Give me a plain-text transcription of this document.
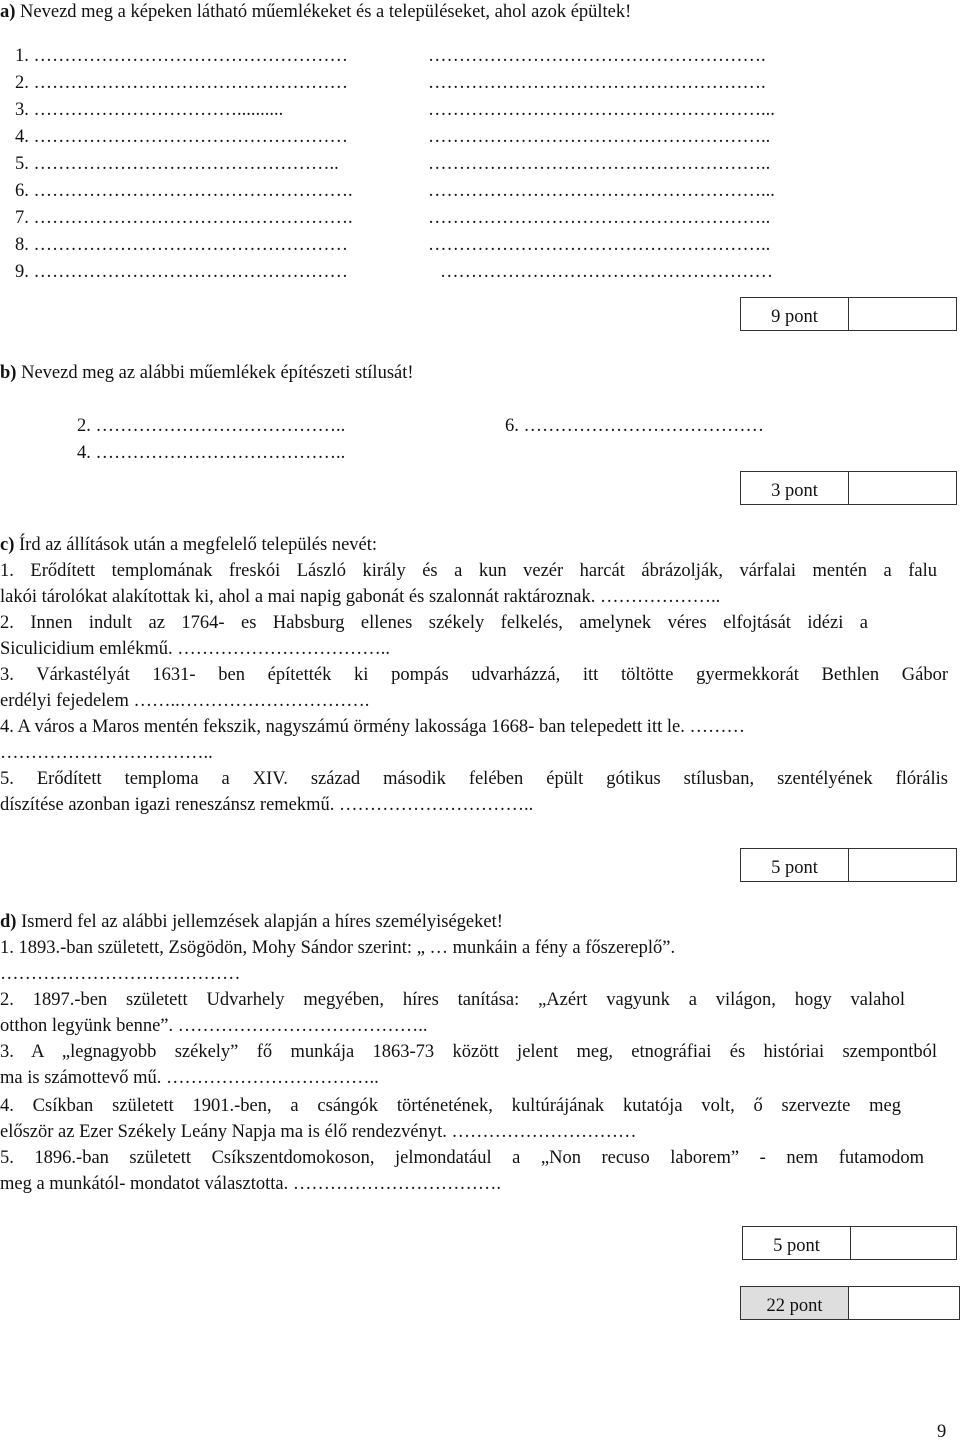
a) Nevezd meg a képeken látható műemlékeket és a településeket, ahol azok épültek!
1. ……………………………………………	……………………………………………….
2. ……………………………………………	……………………………………………….
3. ……………………………..........	………………………………………………...
4. ……………………………………………	………………………………………………..
5. …………………………………………..	………………………………………………..
6. …………………………………………….	………………………………………………...
7. …………………………………………….	………………………………………………..
8. ……………………………………………	………………………………………………..
9. ……………………………………………	………………………………………………
9 pont
b) Nevezd meg az alábbi műemlékek építészeti stílusát!
2. …………………………………..	6. …………………………………
4. …………………………………..
3 pont
c) Írd az állítások után a megfelelő település nevét:
1. Erődített templomának freskói László király és a kun vezér harcát ábrázolják, várfalai mentén a falu
lakói tárolókat alakítottak ki, ahol a mai napig gabonát és szalonnát raktároznak. ………………..
2. Innen indult az 1764- es Habsburg ellenes székely felkelés, amelynek véres elfojtását idézi a
Siculicidium emlékmű. ……………………………..
3. Várkastélyát 1631- ben építették ki pompás udvarházzá, itt töltötte gyermekkorát Bethlen Gábor
erdélyi fejedelem ……..………………………….
4. A város a Maros mentén fekszik, nagyszámú örmény lakossága 1668- ban telepedett itt le. ………
……………………………..
5. Erődített temploma a XIV. század második felében épült gótikus stílusban, szentélyének flórális
díszítése azonban igazi reneszánsz remekmű. …………………………..
5 pont
d) Ismerd fel az alábbi jellemzések alapján a híres személyiségeket!
1. 1893.-ban született, Zsögödön, Mohy Sándor szerint: „ … munkáin a fény a főszereplő”.
…………………………………
2. 1897.-ben született Udvarhely megyében, híres tanítása: „Azért vagyunk a világon, hogy valahol
otthon legyünk benne”. …………………………………..
3. A „legnagyobb székely” fő munkája 1863-73 között jelent meg, etnográfiai és históriai szempontból
ma is számottevő mű. ……………………………..
4. Csíkban született 1901.-ben, a csángók történetének, kultúrájának kutatója volt, ő szervezte meg
először az Ezer Székely Leány Napja ma is élő rendezvényt. …………………………
5. 1896.-ban született Csíkszentdomokoson, jelmondatául a „Non recuso laborem” - nem futamodom
meg a munkától- mondatot választotta. …………………………….
5 pont
22 pont
9
